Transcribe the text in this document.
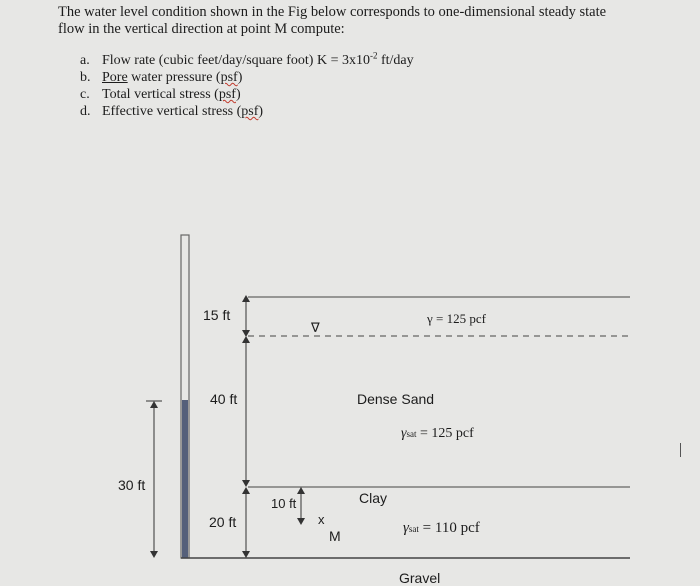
The water level condition shown in the Fig below corresponds to one-dimensional steady state
flow in the vertical direction at point M compute:
a. Flow rate (cubic feet/day/square foot) $K = 3x10^{-2}$ ft/day
b. Pore water pressure (psf)
c. Total vertical stress (psf)
d. Effective vertical stress (psf)
15 ft
∇
γ = 125 pcf
40 ft	Dense Sand
γsat = 125 pcf
30 ft
Clay
10 ft
20 ft	x
M	γsat = 110 pcf
Gravel
